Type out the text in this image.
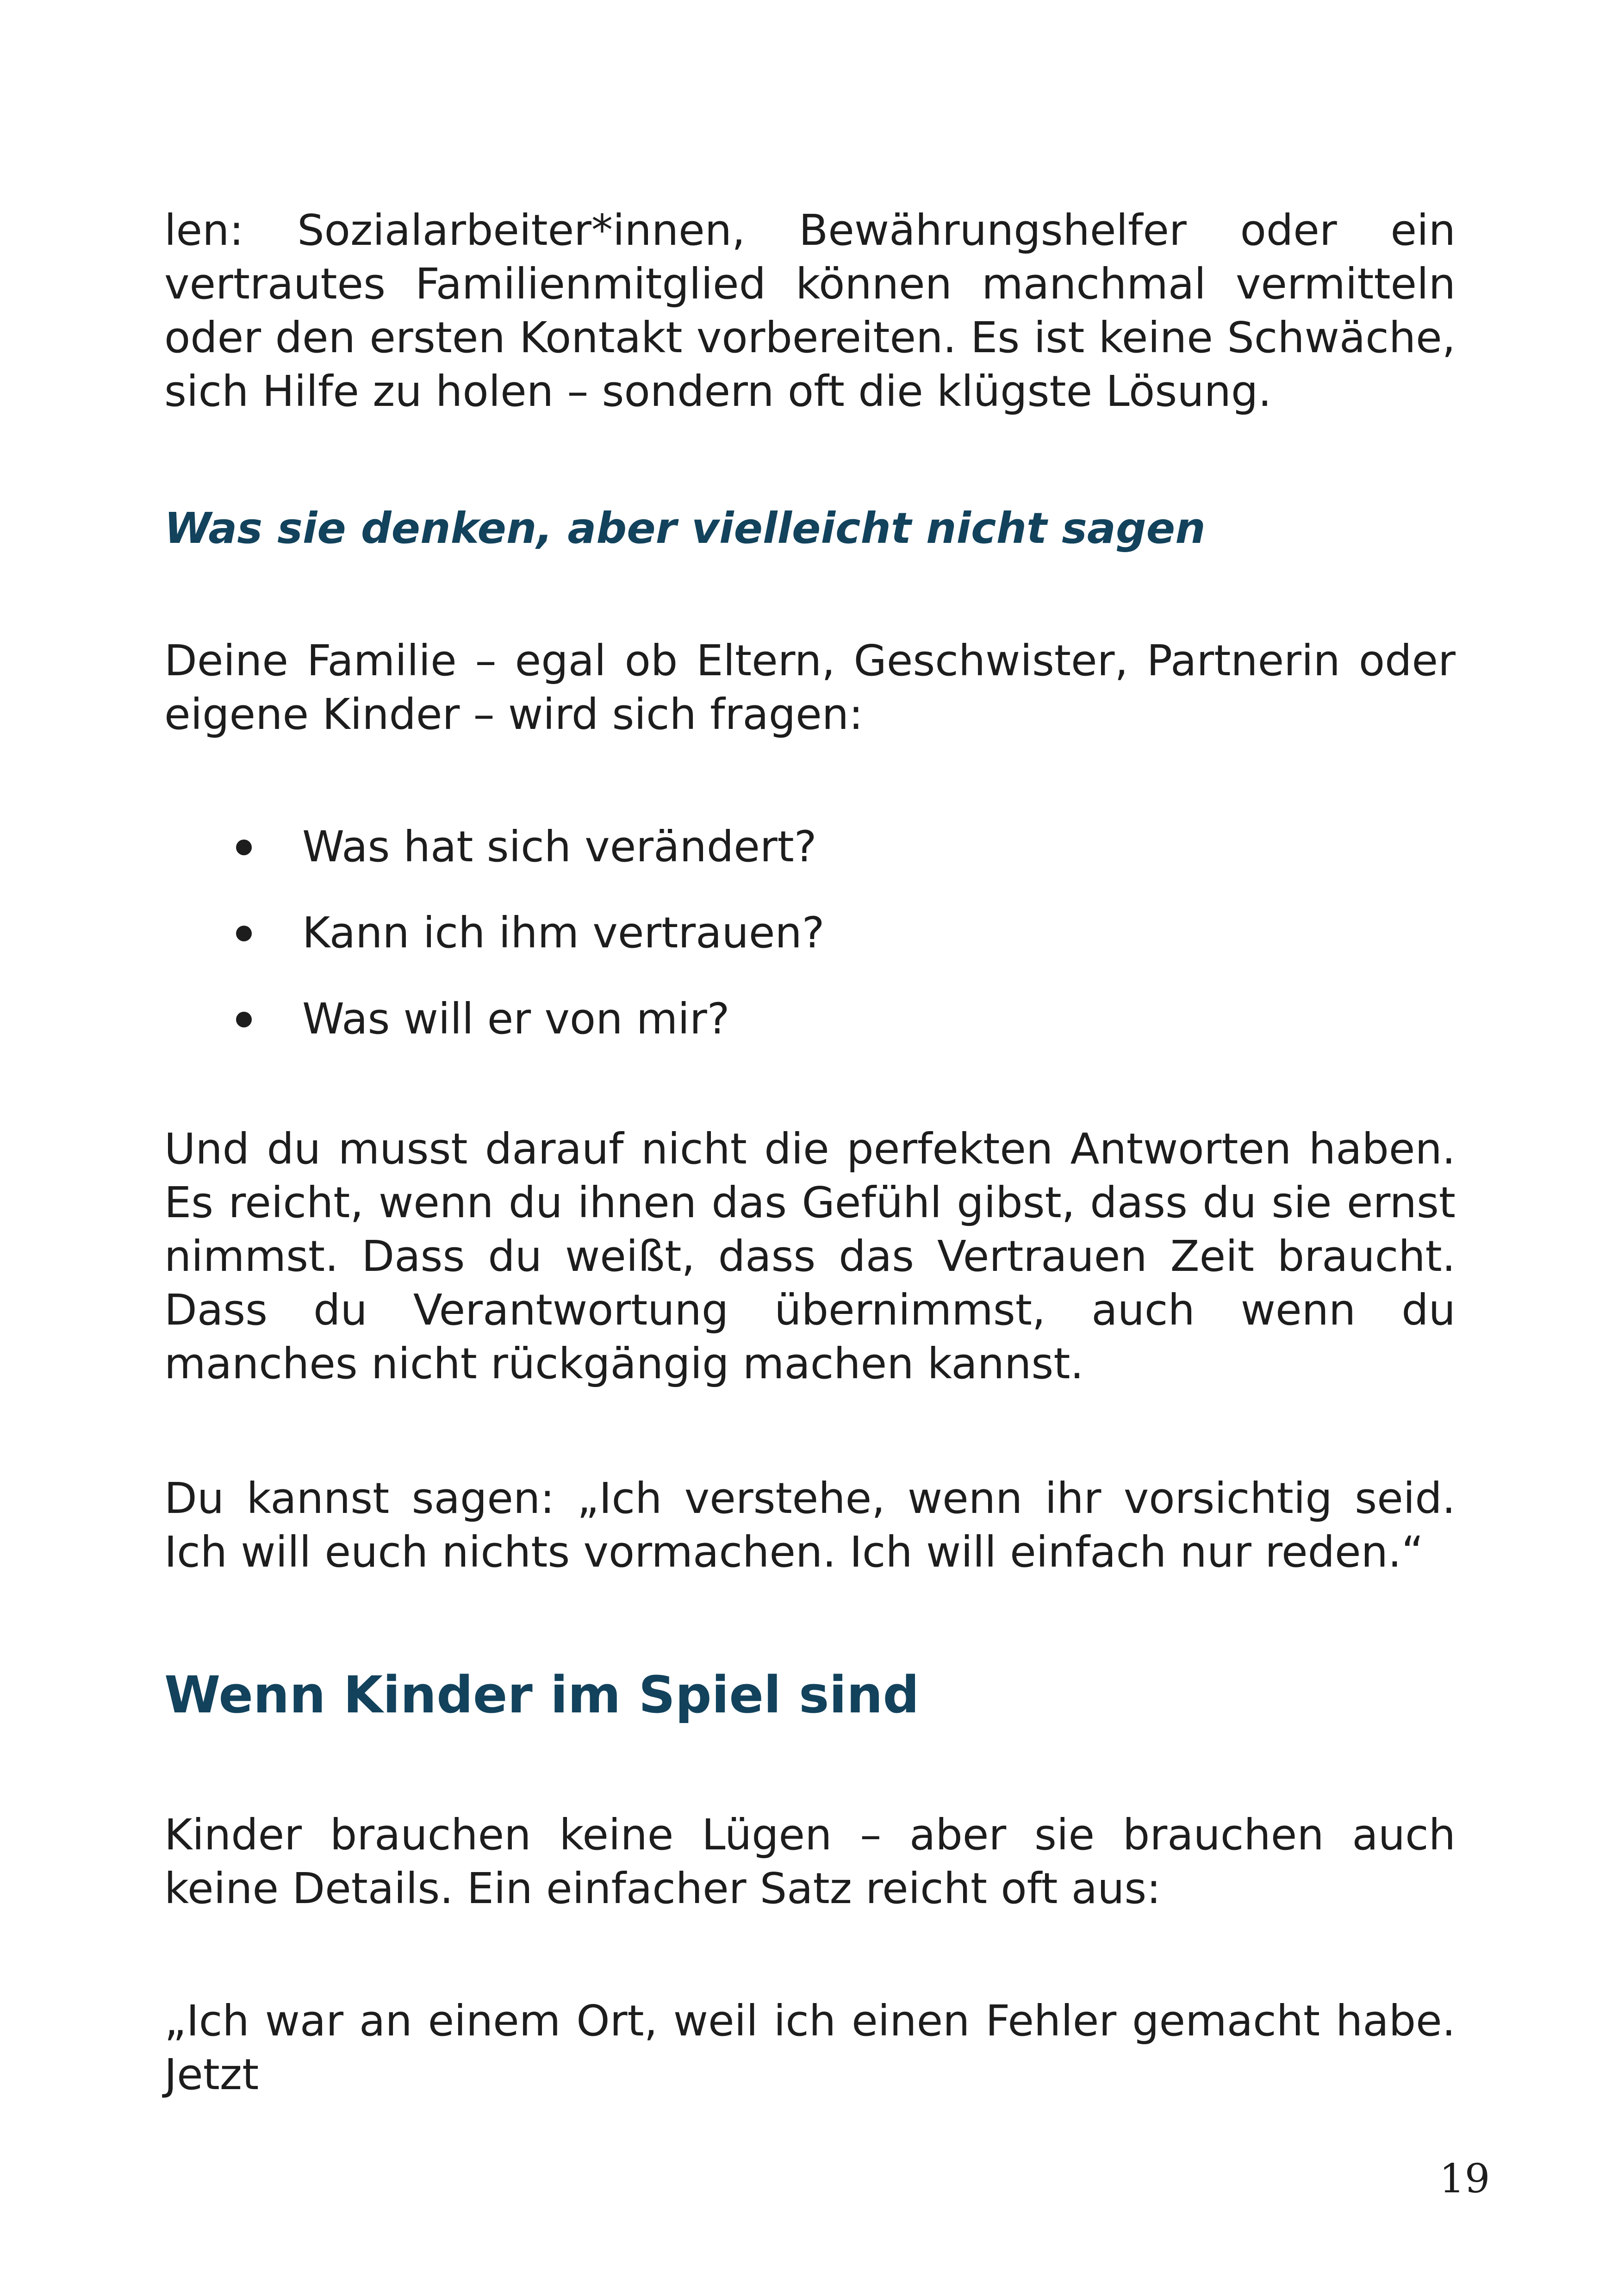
len: Sozialarbeiter*innen, Bewährungshelfer oder ein vertrautes Familienmitglied können manchmal vermitteln oder den ersten Kontakt vorbereiten. Es ist keine Schwäche, sich Hilfe zu holen – sondern oft die klügste Lösung.

Was sie denken, aber vielleicht nicht sagen

Deine Familie – egal ob Eltern, Geschwister, Partnerin oder eigene Kinder – wird sich fragen:

Was hat sich verändert?
Kann ich ihm vertrauen?
Was will er von mir?

Und du musst darauf nicht die perfekten Antworten haben. Es reicht, wenn du ihnen das Gefühl gibst, dass du sie ernst nimmst. Dass du weißt, dass das Vertrauen Zeit braucht. Dass du Verantwortung übernimmst, auch wenn du manches nicht rückgängig machen kannst.

Du kannst sagen: „Ich verstehe, wenn ihr vorsichtig seid. Ich will euch nichts vormachen. Ich will einfach nur reden.“

Wenn Kinder im Spiel sind

Kinder brauchen keine Lügen – aber sie brauchen auch keine Details. Ein einfacher Satz reicht oft aus:

„Ich war an einem Ort, weil ich einen Fehler gemacht habe. Jetzt

19
